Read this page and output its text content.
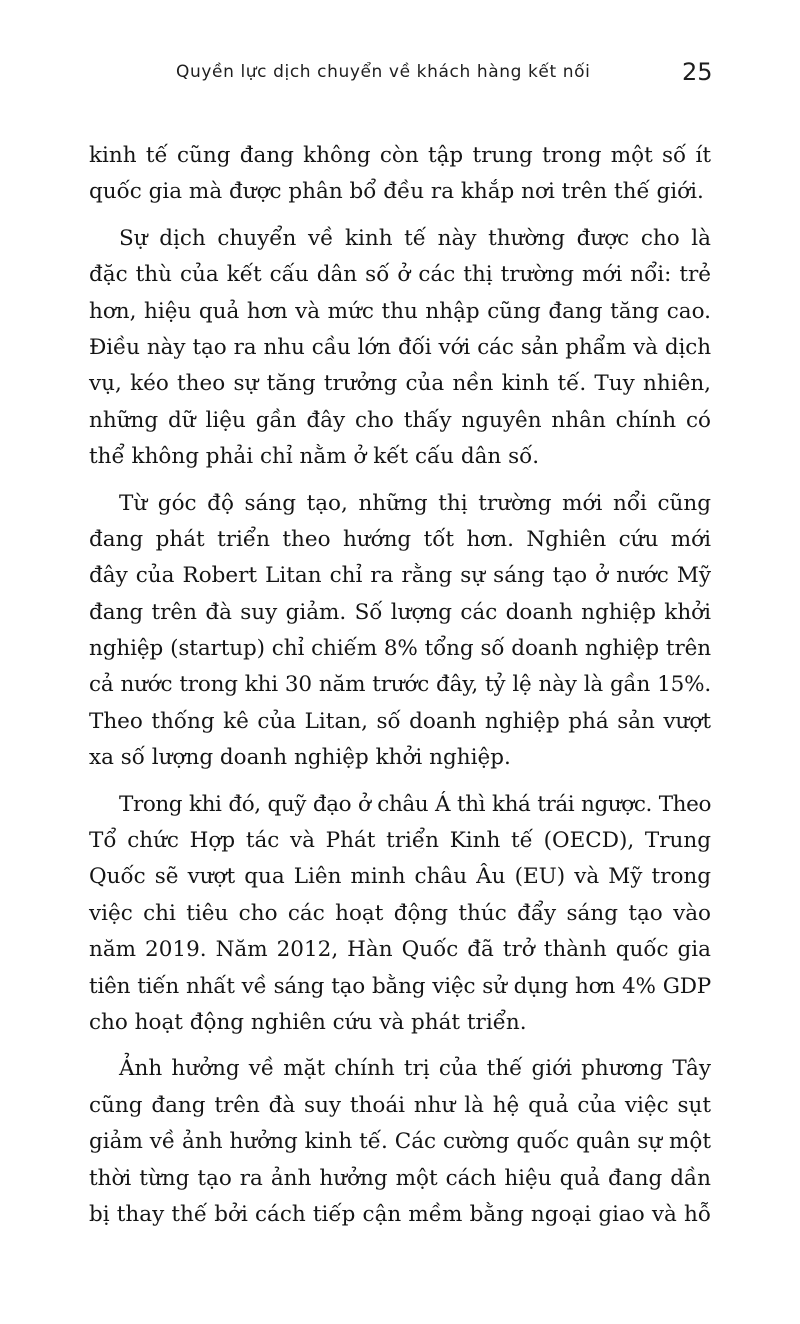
Quyền lực dịch chuyển về khách hàng kết nối	25
kinh tế cũng đang không còn tập trung trong một số ít
quốc gia mà được phân bổ đều ra khắp nơi trên thế giới.
Sự dịch chuyển về kinh tế này thường được cho là
đặc thù của kết cấu dân số ở các thị trường mới nổi: trẻ
hơn, hiệu quả hơn và mức thu nhập cũng đang tăng cao.
Điều này tạo ra nhu cầu lớn đối với các sản phẩm và dịch
vụ, kéo theo sự tăng trưởng của nền kinh tế. Tuy nhiên,
những dữ liệu gần đây cho thấy nguyên nhân chính có
thể không phải chỉ nằm ở kết cấu dân số.
Từ góc độ sáng tạo, những thị trường mới nổi cũng
đang phát triển theo hướng tốt hơn. Nghiên cứu mới
đây của Robert Litan chỉ ra rằng sự sáng tạo ở nước Mỹ
đang trên đà suy giảm. Số lượng các doanh nghiệp khởi
nghiệp (startup) chỉ chiếm 8% tổng số doanh nghiệp trên
cả nước trong khi 30 năm trước đây, tỷ lệ này là gần 15%.
Theo thống kê của Litan, số doanh nghiệp phá sản vượt
xa số lượng doanh nghiệp khởi nghiệp.
Trong khi đó, quỹ đạo ở châu Á thì khá trái ngược. Theo
Tổ chức Hợp tác và Phát triển Kinh tế (OECD), Trung
Quốc sẽ vượt qua Liên minh châu Âu (EU) và Mỹ trong
việc chi tiêu cho các hoạt động thúc đẩy sáng tạo vào
năm 2019. Năm 2012, Hàn Quốc đã trở thành quốc gia
tiên tiến nhất về sáng tạo bằng việc sử dụng hơn 4% GDP
cho hoạt động nghiên cứu và phát triển.
Ảnh hưởng về mặt chính trị của thế giới phương Tây
cũng đang trên đà suy thoái như là hệ quả của việc sụt
giảm về ảnh hưởng kinh tế. Các cường quốc quân sự một
thời từng tạo ra ảnh hưởng một cách hiệu quả đang dần
bị thay thế bởi cách tiếp cận mềm bằng ngoại giao và hỗ
